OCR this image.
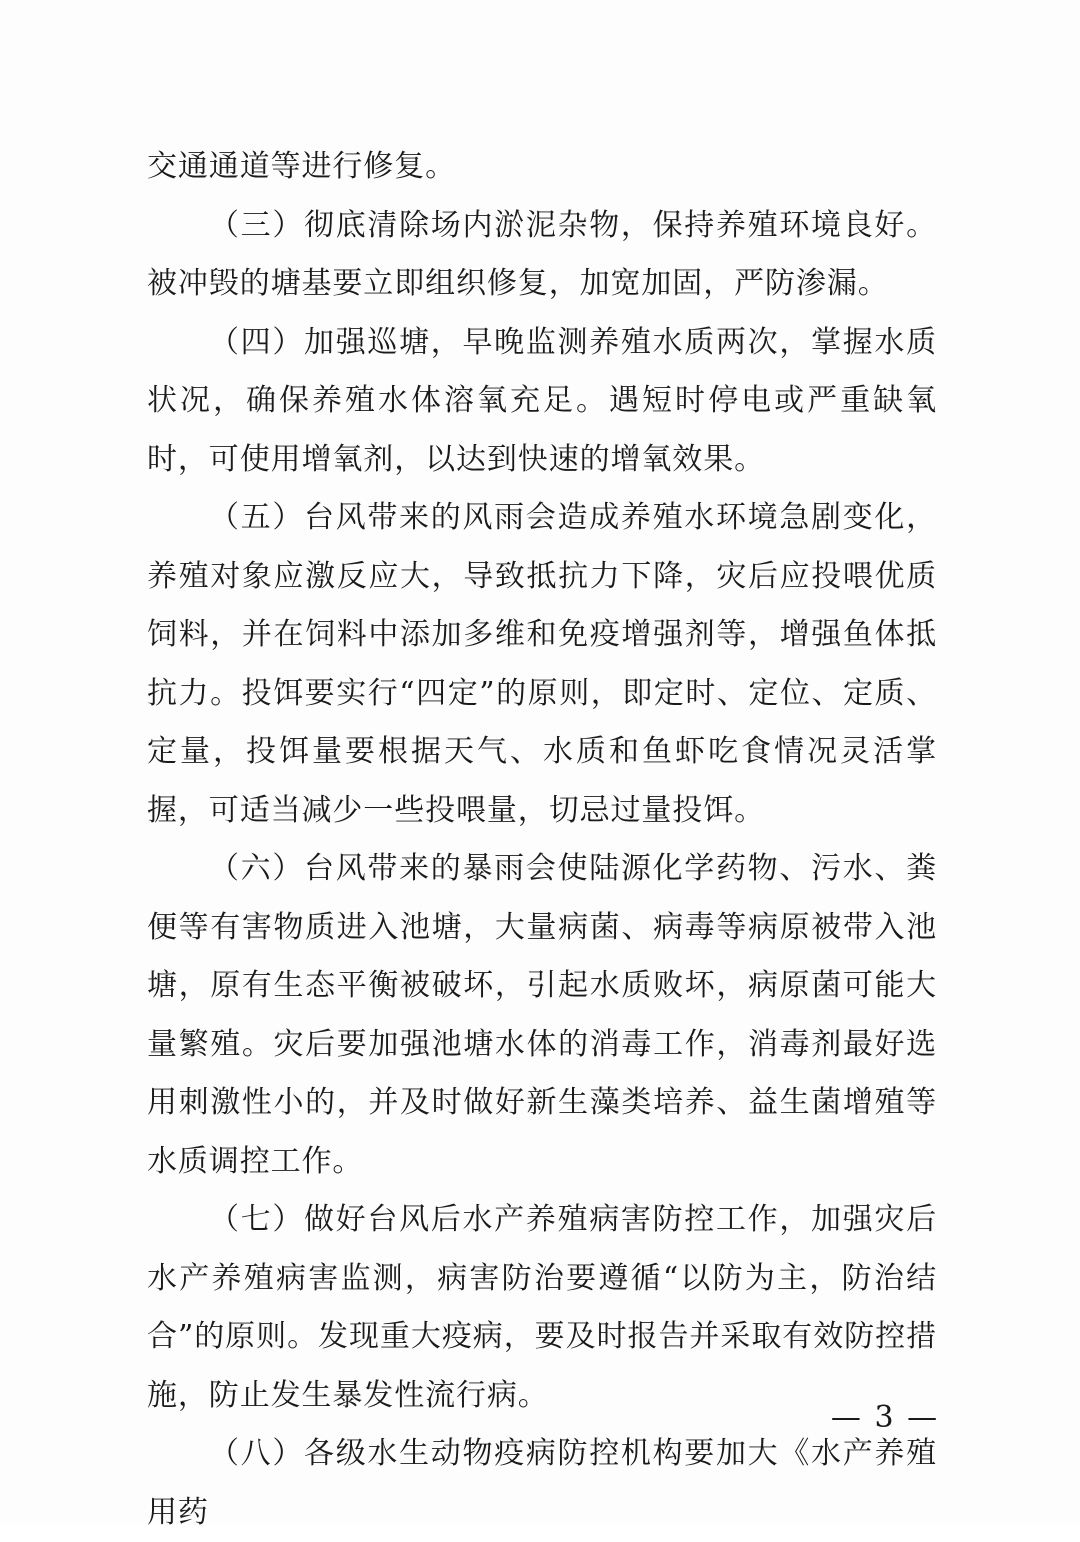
交通通道等进行修复。

（三）彻底清除场内淤泥杂物，保持养殖环境良好。被冲毁的塘基要立即组织修复，加宽加固，严防渗漏。

（四）加强巡塘，早晚监测养殖水质两次，掌握水质状况，确保养殖水体溶氧充足。遇短时停电或严重缺氧时，可使用增氧剂，以达到快速的增氧效果。

（五）台风带来的风雨会造成养殖水环境急剧变化，养殖对象应激反应大，导致抵抗力下降，灾后应投喂优质饲料，并在饲料中添加多维和免疫增强剂等，增强鱼体抵抗力。投饵要实行“四定”的原则，即定时、定位、定质、定量，投饵量要根据天气、水质和鱼虾吃食情况灵活掌握，可适当减少一些投喂量，切忌过量投饵。

（六）台风带来的暴雨会使陆源化学药物、污水、粪便等有害物质进入池塘，大量病菌、病毒等病原被带入池塘，原有生态平衡被破坏，引起水质败坏，病原菌可能大量繁殖。灾后要加强池塘水体的消毒工作，消毒剂最好选用刺激性小的，并及时做好新生藻类培养、益生菌增殖等水质调控工作。

（七）做好台风后水产养殖病害防控工作，加强灾后水产养殖病害监测，病害防治要遵循“以防为主，防治结合”的原则。发现重大疫病，要及时报告并采取有效防控措施，防止发生暴发性流行病。

（八）各级水生动物疫病防控机构要加大《水产养殖用药

— 3 —
